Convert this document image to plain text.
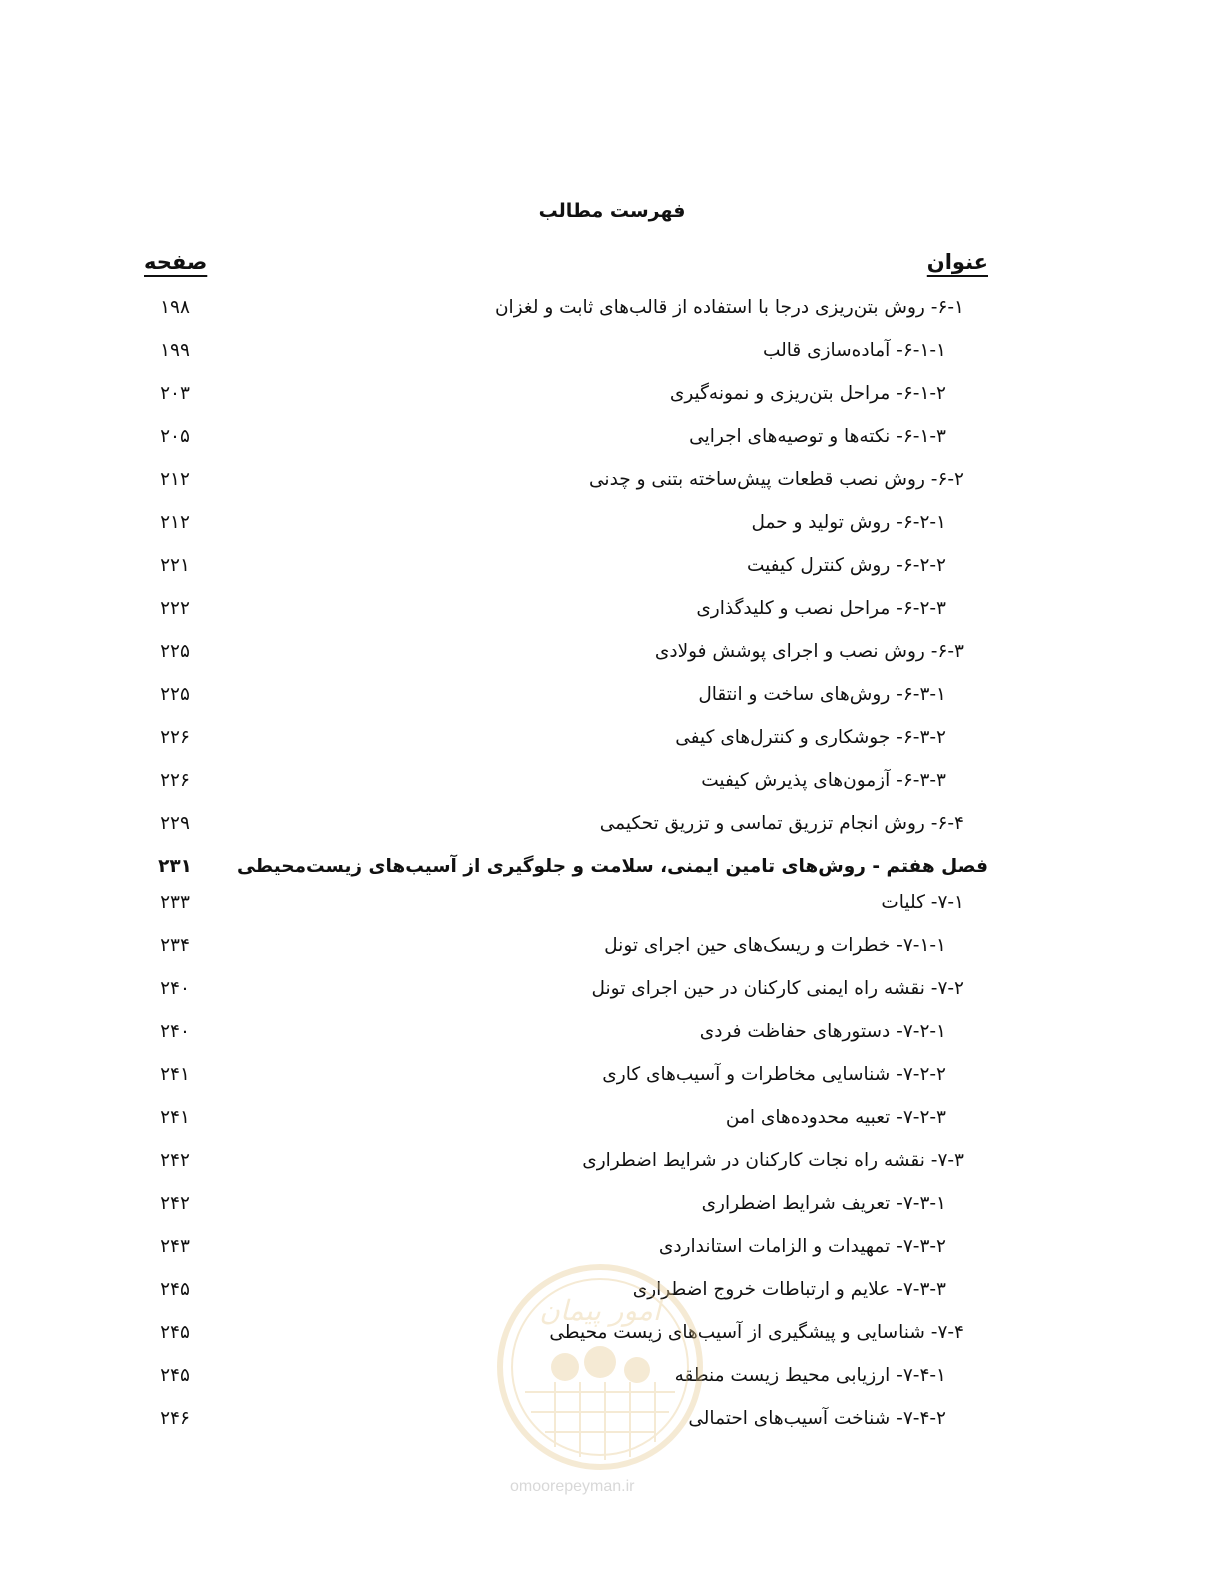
فهرست مطالب
عنوان
صفحه
۶-۱- روش بتن‌ریزی درجا با استفاده از قالب‌های ثابت و لغزان
۱۹۸
۶-۱-۱- آماده‌سازی قالب
۱۹۹
۶-۱-۲- مراحل بتن‌ریزی و نمونه‌گیری
۲۰۳
۶-۱-۳- نکته‌ها و توصیه‌های اجرایی
۲۰۵
۶-۲- روش نصب قطعات پیش‌ساخته بتنی و چدنی
۲۱۲
۶-۲-۱- روش تولید و حمل
۲۱۲
۶-۲-۲- روش کنترل کیفیت
۲۲۱
۶-۲-۳- مراحل نصب و کلیدگذاری
۲۲۲
۶-۳- روش نصب و اجرای پوشش فولادی
۲۲۵
۶-۳-۱- روش‌های ساخت و انتقال
۲۲۵
۶-۳-۲- جوشکاری و کنترل‌های کیفی
۲۲۶
۶-۳-۳- آزمون‌های پذیرش کیفیت
۲۲۶
۶-۴- روش انجام تزریق تماسی و تزریق تحکیمی
۲۲۹
فصل هفتم - روش‌های تامین ایمنی، سلامت و جلوگیری از آسیب‌های زیست‌محیطی
۲۳۱
۷-۱- کلیات
۲۳۳
۷-۱-۱- خطرات و ریسک‌های حین اجرای تونل
۲۳۴
۷-۲- نقشه راه ایمنی کارکنان در حین اجرای تونل
۲۴۰
۷-۲-۱- دستورهای حفاظت فردی
۲۴۰
۷-۲-۲- شناسایی مخاطرات و آسیب‌های کاری
۲۴۱
۷-۲-۳- تعبیه محدوده‌های امن
۲۴۱
۷-۳- نقشه راه نجات کارکنان در شرایط اضطراری
۲۴۲
۷-۳-۱- تعریف شرایط اضطراری
۲۴۲
۷-۳-۲- تمهیدات و الزامات استانداردی
۲۴۳
۷-۳-۳- علایم و ارتباطات خروج اضطراری
۲۴۵
۷-۴- شناسایی و پیشگیری از آسیب‌های زیست محیطی
۲۴۵
۷-۴-۱- ارزیابی محیط زیست منطقه
۲۴۵
۷-۴-۲- شناخت آسیب‌های احتمالی
۲۴۶
امور پیمان
omoorepeyman.ir
